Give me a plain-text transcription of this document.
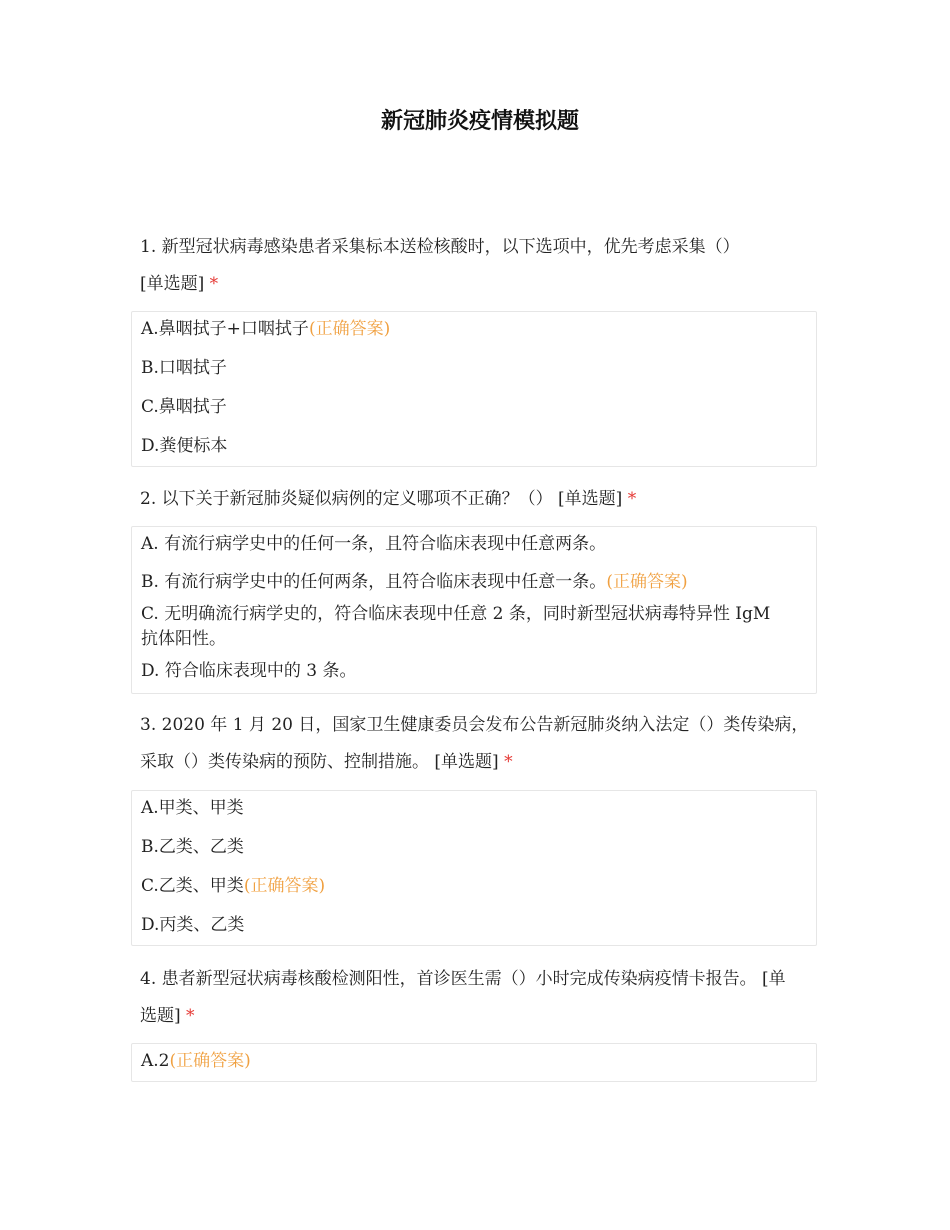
新冠肺炎疫情模拟题
1. 新型冠状病毒感染患者采集标本送检核酸时，以下选项中，优先考虑采集（）
[单选题] *
A.鼻咽拭子+口咽拭子(正确答案)
B.口咽拭子
C.鼻咽拭子
D.粪便标本
2. 以下关于新冠肺炎疑似病例的定义哪项不正确？（） [单选题] *
A. 有流行病学史中的任何一条，且符合临床表现中任意两条。
B. 有流行病学史中的任何两条，且符合临床表现中任意一条。(正确答案)
C. 无明确流行病学史的，符合临床表现中任意 2 条，同时新型冠状病毒特异性 IgM 抗体阳性。
D. 符合临床表现中的 3 条。
3. 2020 年 1 月 20 日，国家卫生健康委员会发布公告新冠肺炎纳入法定（）类传染病，采取（）类传染病的预防、控制措施。 [单选题] *
A.甲类、甲类
B.乙类、乙类
C.乙类、甲类(正确答案)
D.丙类、乙类
4. 患者新型冠状病毒核酸检测阳性，首诊医生需（）小时完成传染病疫情卡报告。 [单选题] *
A.2(正确答案)
